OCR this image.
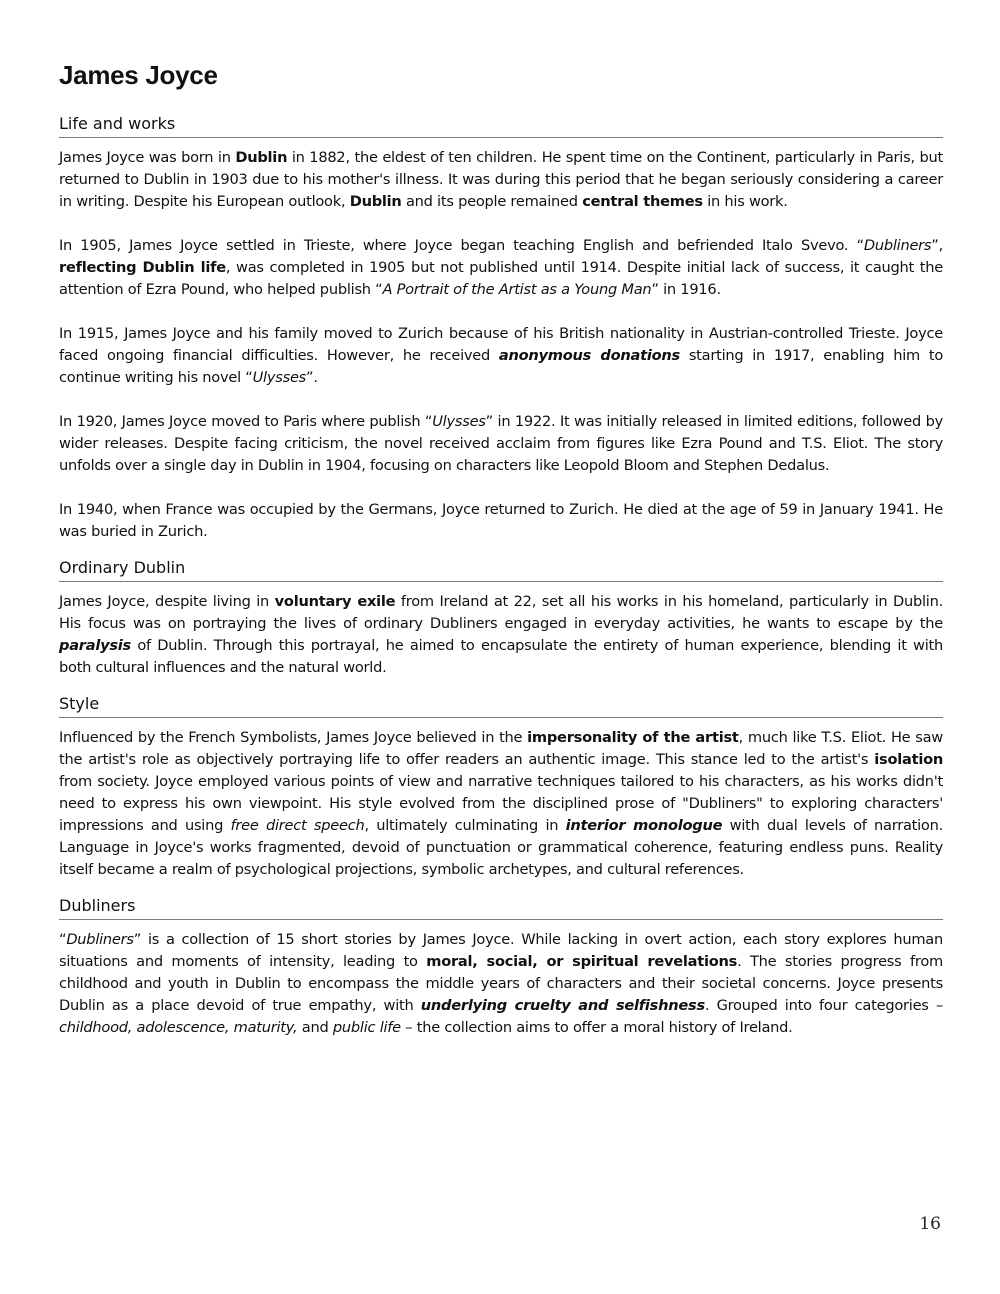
James Joyce
Life and works

James Joyce was born in Dublin in 1882, the eldest of ten children. He spent time on the Continent, particularly in Paris, but returned to Dublin in 1903 due to his mother's illness. It was during this period that he began seriously considering a career in writing. Despite his European outlook, Dublin and its people remained central themes in his work.

In 1905, James Joyce settled in Trieste, where Joyce began teaching English and befriended Italo Svevo. “Dubliners”, reflecting Dublin life, was completed in 1905 but not published until 1914. Despite initial lack of success, it caught the attention of Ezra Pound, who helped publish “A Portrait of the Artist as a Young Man” in 1916.

In 1915, James Joyce and his family moved to Zurich because of his British nationality in Austrian-controlled Trieste. Joyce faced ongoing financial difficulties. However, he received anonymous donations starting in 1917, enabling him to continue writing his novel “Ulysses”.

In 1920, James Joyce moved to Paris where publish “Ulysses” in 1922. It was initially released in limited editions, followed by wider releases. Despite facing criticism, the novel received acclaim from figures like Ezra Pound and T.S. Eliot. The story unfolds over a single day in Dublin in 1904, focusing on characters like Leopold Bloom and Stephen Dedalus.

In 1940, when France was occupied by the Germans, Joyce returned to Zurich. He died at the age of 59 in January 1941. He was buried in Zurich.

Ordinary Dublin

James Joyce, despite living in voluntary exile from Ireland at 22, set all his works in his homeland, particularly in Dublin. His focus was on portraying the lives of ordinary Dubliners engaged in everyday activities, he wants to escape by the paralysis of Dublin. Through this portrayal, he aimed to encapsulate the entirety of human experience, blending it with both cultural influences and the natural world.

Style

Influenced by the French Symbolists, James Joyce believed in the impersonality of the artist, much like T.S. Eliot. He saw the artist's role as objectively portraying life to offer readers an authentic image. This stance led to the artist's isolation from society. Joyce employed various points of view and narrative techniques tailored to his characters, as his works didn't need to express his own viewpoint. His style evolved from the disciplined prose of "Dubliners" to exploring characters' impressions and using free direct speech, ultimately culminating in interior monologue with dual levels of narration. Language in Joyce's works fragmented, devoid of punctuation or grammatical coherence, featuring endless puns. Reality itself became a realm of psychological projections, symbolic archetypes, and cultural references.

Dubliners

“Dubliners” is a collection of 15 short stories by James Joyce. While lacking in overt action, each story explores human situations and moments of intensity, leading to moral, social, or spiritual revelations. The stories progress from childhood and youth in Dublin to encompass the middle years of characters and their societal concerns. Joyce presents Dublin as a place devoid of true empathy, with underlying cruelty and selfishness. Grouped into four categories – childhood, adolescence, maturity, and public life – the collection aims to offer a moral history of Ireland.

16
